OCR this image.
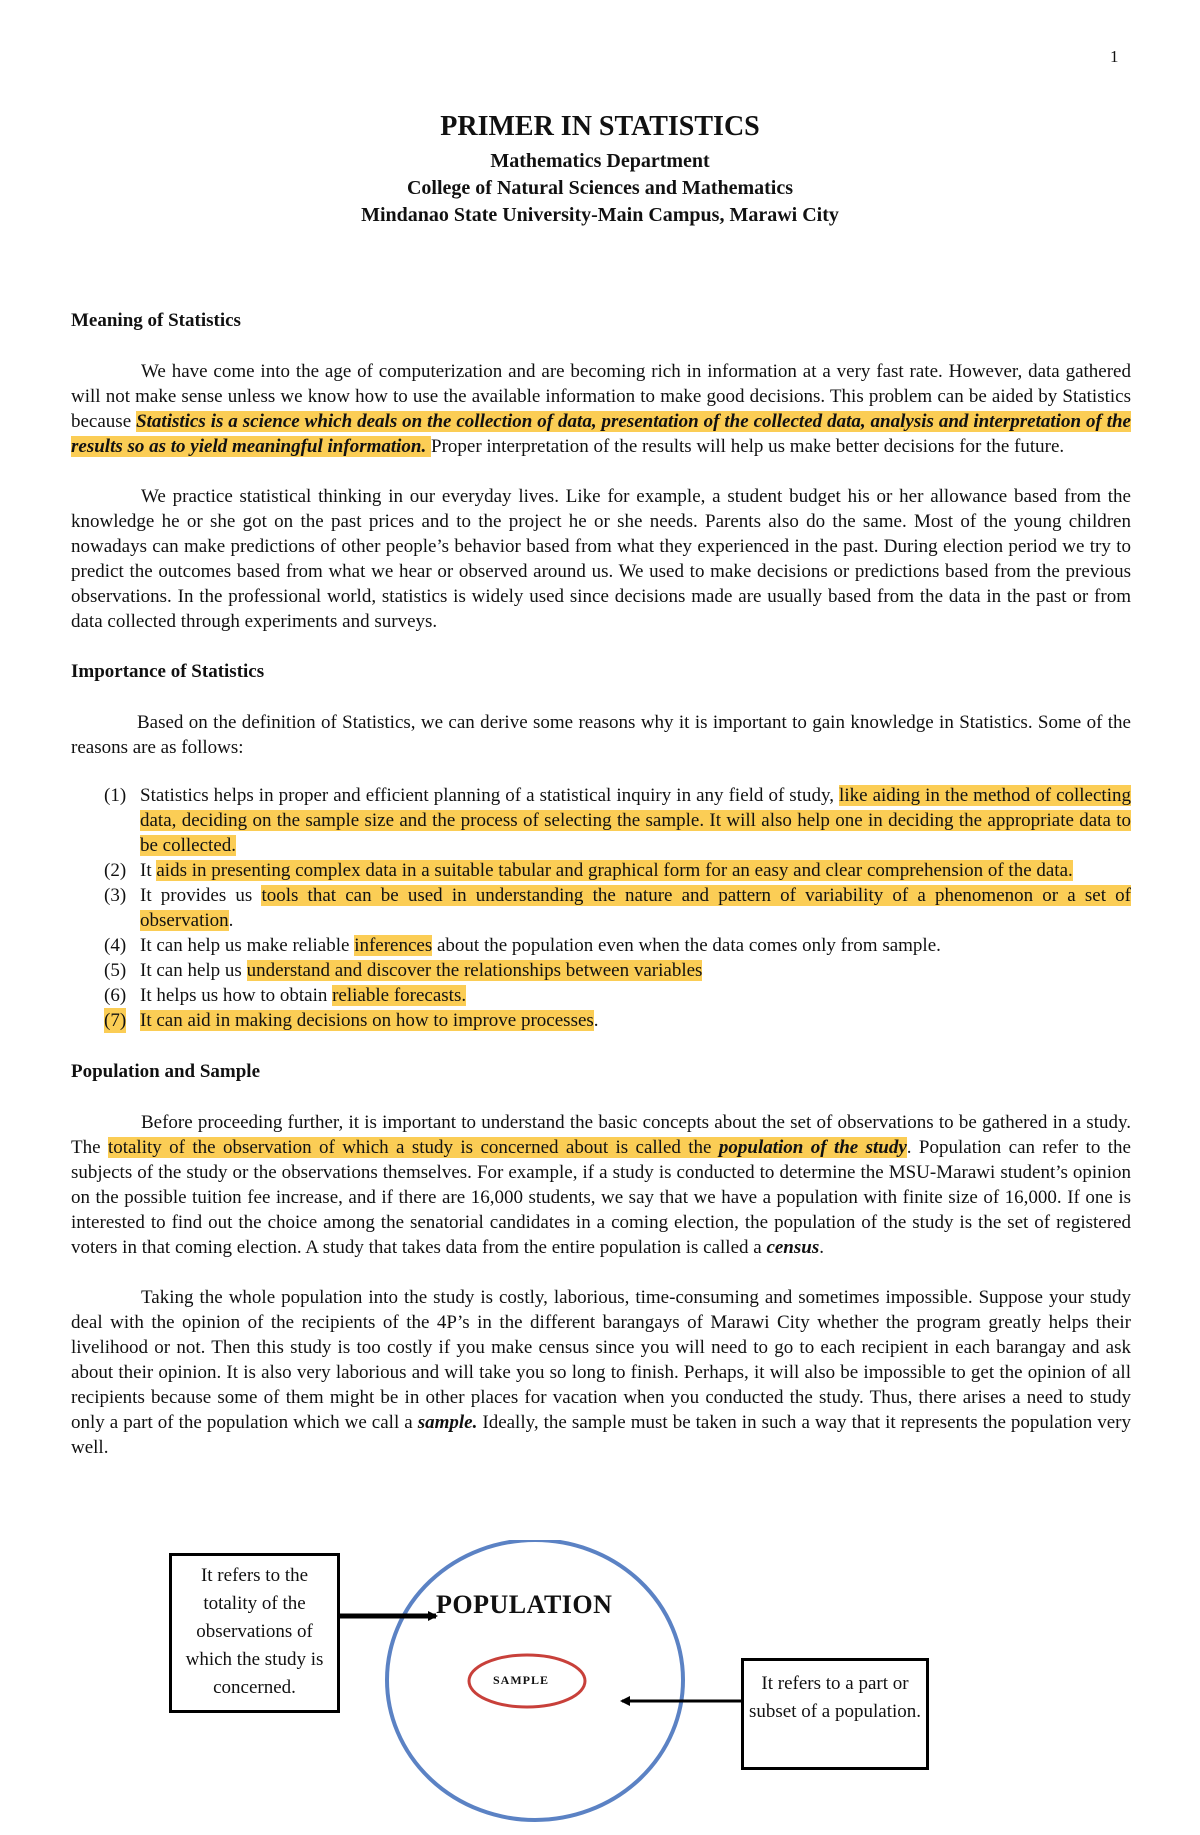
1
PRIMER IN STATISTICS
Mathematics Department
College of Natural Sciences and Mathematics
Mindanao State University-Main Campus, Marawi City
Meaning of Statistics

We have come into the age of computerization and are becoming rich in information at a very fast rate. However, data gathered will not make sense unless we know how to use the available information to make good decisions. This problem can be aided by Statistics because Statistics is a science which deals on the collection of data, presentation of the collected data, analysis and interpretation of the results so as to yield meaningful information. Proper interpretation of the results will help us make better decisions for the future.

We practice statistical thinking in our everyday lives. Like for example, a student budget his or her allowance based from the knowledge he or she got on the past prices and to the project he or she needs. Parents also do the same. Most of the young children nowadays can make predictions of other people’s behavior based from what they experienced in the past. During election period we try to predict the outcomes based from what we hear or observed around us. We used to make decisions or predictions based from the previous observations. In the professional world, statistics is widely used since decisions made are usually based from the data in the past or from data collected through experiments and surveys.

Importance of Statistics

Based on the definition of Statistics, we can derive some reasons why it is important to gain knowledge in Statistics. Some of the reasons are as follows:

(1) Statistics helps in proper and efficient planning of a statistical inquiry in any field of study, like aiding in the method of collecting data, deciding on the sample size and the process of selecting the sample. It will also help one in deciding the appropriate data to be collected.
(2) It aids in presenting complex data in a suitable tabular and graphical form for an easy and clear comprehension of the data.
(3) It provides us tools that can be used in understanding the nature and pattern of variability of a phenomenon or a set of observation.
(4) It can help us make reliable inferences about the population even when the data comes only from sample.
(5) It can help us understand and discover the relationships between variables
(6) It helps us how to obtain reliable forecasts.
(7) It can aid in making decisions on how to improve processes.
Population and Sample

Before proceeding further, it is important to understand the basic concepts about the set of observations to be gathered in a study. The totality of the observation of which a study is concerned about is called the population of the study. Population can refer to the subjects of the study or the observations themselves. For example, if a study is conducted to determine the MSU-Marawi student’s opinion on the possible tuition fee increase, and if there are 16,000 students, we say that we have a population with finite size of 16,000. If one is interested to find out the choice among the senatorial candidates in a coming election, the population of the study is the set of registered voters in that coming election. A study that takes data from the entire population is called a census.

Taking the whole population into the study is costly, laborious, time-consuming and sometimes impossible. Suppose your study deal with the opinion of the recipients of the 4P’s in the different barangays of Marawi City whether the program greatly helps their livelihood or not. Then this study is too costly if you make census since you will need to go to each recipient in each barangay and ask about their opinion. It is also very laborious and will take you so long to finish. Perhaps, it will also be impossible to get the opinion of all recipients because some of them might be in other places for vacation when you conducted the study. Thus, there arises a need to study only a part of the population which we call a sample. Ideally, the sample must be taken in such a way that it represents the population very well.

It refers to the totality of the observations of which the study is concerned.	It refers to a part or subset of a population.
POPULATION
SAMPLE
